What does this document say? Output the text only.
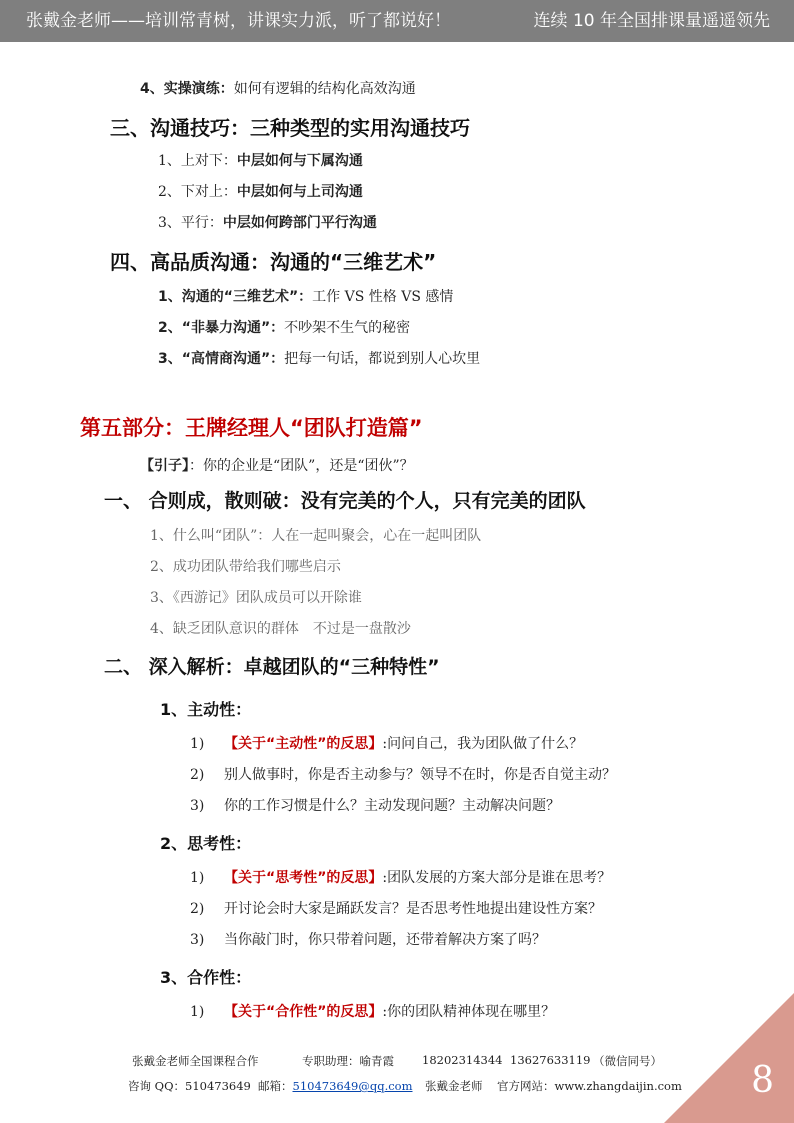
张戴金老师——培训常青树，讲课实力派，听了都说好！	连续 10 年全国排课量遥遥领先
4、实操演练：如何有逻辑的结构化高效沟通
三、沟通技巧：三种类型的实用沟通技巧
1、上对下：中层如何与下属沟通
2、下对上：中层如何与上司沟通
3、平行：中层如何跨部门平行沟通
四、高品质沟通：沟通的“三维艺术”
1、沟通的“三维艺术”：工作 VS 性格 VS 感情
2、“非暴力沟通”：不吵架不生气的秘密
3、“高情商沟通”：把每一句话，都说到别人心坎里
第五部分：王牌经理人“团队打造篇”
【引子】：你的企业是“团队”，还是“团伙”？
一、 合则成，散则破：没有完美的个人，只有完美的团队
1、什么叫“团队”：人在一起叫聚会，心在一起叫团队
2、成功团队带给我们哪些启示
3、《西游记》团队成员可以开除谁
4、缺乏团队意识的群体　不过是一盘散沙
二、 深入解析：卓越团队的“三种特性”
1、主动性：
1) 【关于“主动性”的反思】:问问自己，我为团队做了什么？
2) 别人做事时，你是否主动参与？领导不在时，你是否自觉主动？
3) 你的工作习惯是什么？主动发现问题？主动解决问题？
2、思考性：
1) 【关于“思考性”的反思】:团队发展的方案大部分是谁在思考？
2) 开讨论会时大家是踊跃发言？是否思考性地提出建设性方案？
3) 当你敲门时，你只带着问题，还带着解决方案了吗？
3、合作性：
1) 【关于“合作性”的反思】:你的团队精神体现在哪里？
张戴金老师全国课程合作	专职助理：喻青霞 18202314344 13627633119 （微信同号）
咨询 QQ：510473649 邮箱：510473649@qq.com 张戴金老师 官方网站：www.zhangdaijin.com 8
